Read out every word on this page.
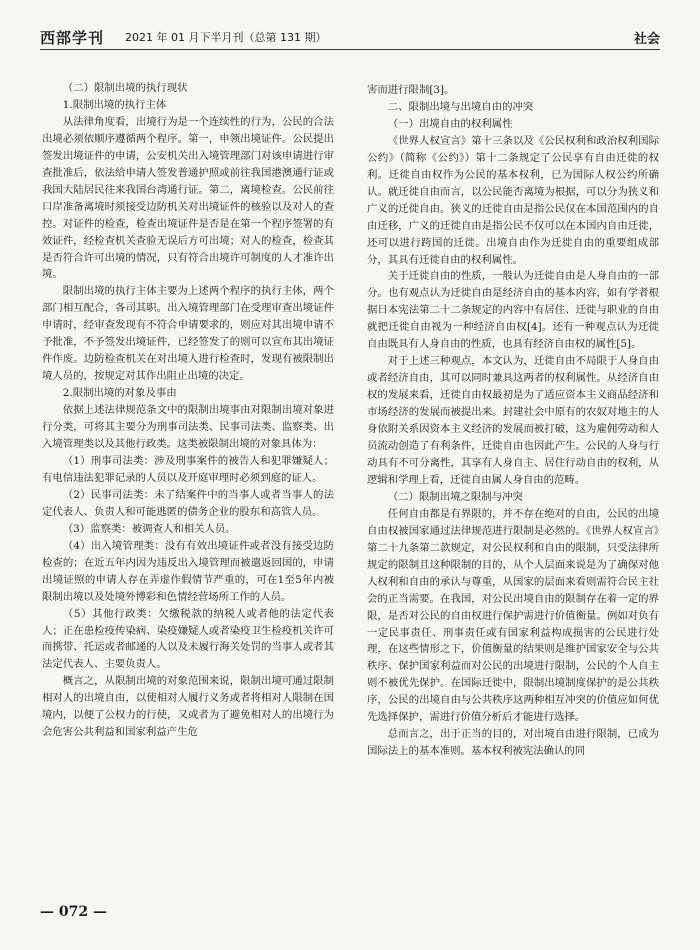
西部学刊 2021 年 01 月下半月刊（总第 131 期）	社会

（二）限制出境的执行现状

1.限制出境的执行主体

从法律角度看，出境行为是一个连续性的行为，公民的合法出境必须依顺序遵循两个程序。第一，申领出境证件。公民提出签发出境证件的申请，公安机关出入境管理部门对该申请进行审查批准后，依法给申请人签发普通护照或前往我国港澳通行证或我国大陆居民往来我国台湾通行证。第二，离境检查。公民前往口岸准备离境时须接受边防机关对出境证件的核验以及对人的查控。对证件的检查，检查出境证件是否是在第一个程序签署的有效证件，经检查机关查验无误后方可出境；对人的检查，检查其是否符合许可出境的情况，只有符合出境许可制度的人才准许出境。

限制出境的执行主体主要为上述两个程序的执行主体，两个部门相互配合，各司其职。出入境管理部门在受理审查出境证件申请时，经审查发现有不符合申请要求的，则应对其出境申请不予批准，不予签发出境证件，已经签发了的则可以宣布其出境证件作废。边防检查机关在对出境人进行检查时，发现有被限制出境人员的，按规定对其作出阻止出境的决定。

2.限制出境的对象及事由

依据上述法律规范条文中的限制出境事由对限制出境对象进行分类，可将其主要分为刑事司法类、民事司法类、监察类、出入境管理类以及其他行政类。这类被限制出境的对象具体为：

（1）刑事司法类：涉及刑事案件的被告人和犯罪嫌疑人；有电信违法犯罪记录的人员以及开庭审理时必须到庭的证人。

（2）民事司法类：未了结案件中的当事人或者当事人的法定代表人、负责人和可能逃匿的债务企业的股东和高管人员。

（3）监察类：被调查人和相关人员。

（4）出入境管理类：没有有效出境证件或者没有接受边防检查的；在近五年内因为违反出入境管理而被遣返回国的，申请出境证照的申请人存在弄虚作假情节严重的，可在1至5年内被限制出境以及处境外博彩和色情经营场所工作的人员。

（5）其他行政类：欠缴税款的纳税人或者他的法定代表人；正在患检疫传染病、染疫嫌疑人或者染疫卫生检疫机关许可而携带、托运或者邮递的人以及未履行海关处罚的当事人或者其法定代表人、主要负责人。

概言之，从限制出境的对象范围来说，限制出境可通过限制相对人的出境自由，以使相对人履行义务或者将相对人限制在国境内，以便了公权力的行使，又或者为了避免相对人的出境行为会危害公共利益和国家利益产生危

害而进行限制[3]。

二、限制出境与出境自由的冲突

（一）出境自由的权利属性

《世界人权宣言》第十三条以及《公民权利和政治权利国际公约》（简称《公约》）第十二条规定了公民享有自由迁徙的权利。迁徙自由权作为公民的基本权利，已为国际人权公约所确认。就迁徙自由而言，以公民能否离境为根据，可以分为狭义和广义的迁徙自由。狭义的迁徙自由是指公民仅在本国范围内的自由迁移，广义的迁徙自由是指公民不仅可以在本国内自由迁徙，还可以进行跨国的迁徙。出境自由作为迁徙自由的重要组成部分，其具有迁徙自由的权利属性。

关于迁徙自由的性质，一般认为迁徙自由是人身自由的一部分。也有观点认为迁徙自由是经济自由的基本内容，如有学者根据日本宪法第二十二条规定的内容中有居住、迁徙与职业的自由就把迁徙自由视为一种经济自由权[4]。还有一种观点认为迁徙自由既具有人身自由的性质，也具有经济自由权的属性[5]。

对于上述三种观点，本文认为，迁徙自由不局限于人身自由或者经济自由，其可以同时兼具这两者的权利属性。从经济自由权的发展来看，迁徙自由权最初是为了适应资本主义商品经济和市场经济的发展而被提出来。封建社会中原有的农奴对地主的人身依附关系因资本主义经济的发展而被打破，这为雇佣劳动和人员流动创造了有利条件，迁徙自由也因此产生。公民的人身与行动具有不可分离性，其享有人身自主、居住行动自由的权利，从逻辑和学理上看，迁徙自由属人身自由的范畴。

（二）限制出境之限制与冲突

任何自由都是有界限的，并不存在绝对的自由，公民的出境自由权被国家通过法律规范进行限制是必然的。《世界人权宣言》第二十九条第二款规定，对公民权利和自由的限制，只受法律所规定的限制且这种限制的目的，从个人层面来说是为了确保对他人权利和自由的承认与尊重，从国家的层面来看则需符合民主社会的正当需要。在我国，对公民出境自由的限制存在着一定的界限，是否对公民的自由权进行保护需进行价值衡量。例如对负有一定民事责任、刑事责任或有国家利益构成损害的公民进行处理，在这些情形之下，价值衡量的结果则是维护国家安全与公共秩序、保护国家利益而对公民的出境进行限制，公民的个人自主则不被优先保护。在国际迁徙中，限制出境制度保护的是公共秩序，公民的出境自由与公共秩序这两种相互冲突的价值应如何优先选择保护，需进行价值分析后才能进行选择。

总而言之，出于正当的目的，对出境自由进行限制，已成为国际法上的基本准则。基本权利被宪法确认的同

— 072 —
